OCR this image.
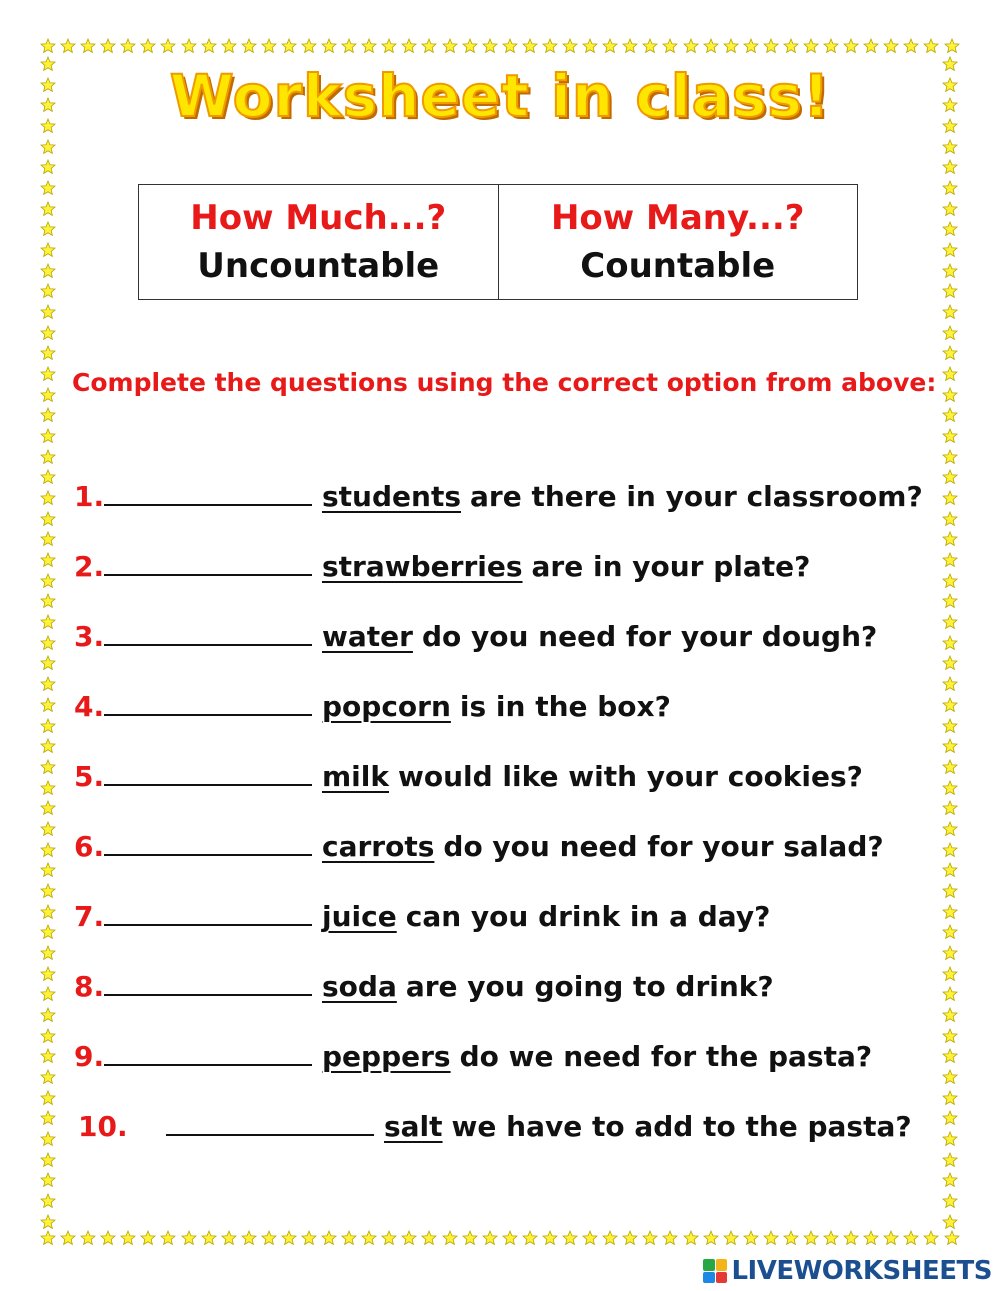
Worksheet in class!
How Much...?
Uncountable

How Many...?
Countable
Complete the questions using the correct option from above:
1.	students are there in your classroom?
2.	strawberries are in your plate?
3.	water do you need for your dough?
4.	popcorn is in the box?
5.	milk would like with your cookies?
6.	carrots do you need for your salad?
7.	juice can you drink in a day?
8.	soda are you going to drink?
9.	peppers do we need for the pasta?
10.	salt we have to add to the pasta?
LIVEWORKSHEETS
